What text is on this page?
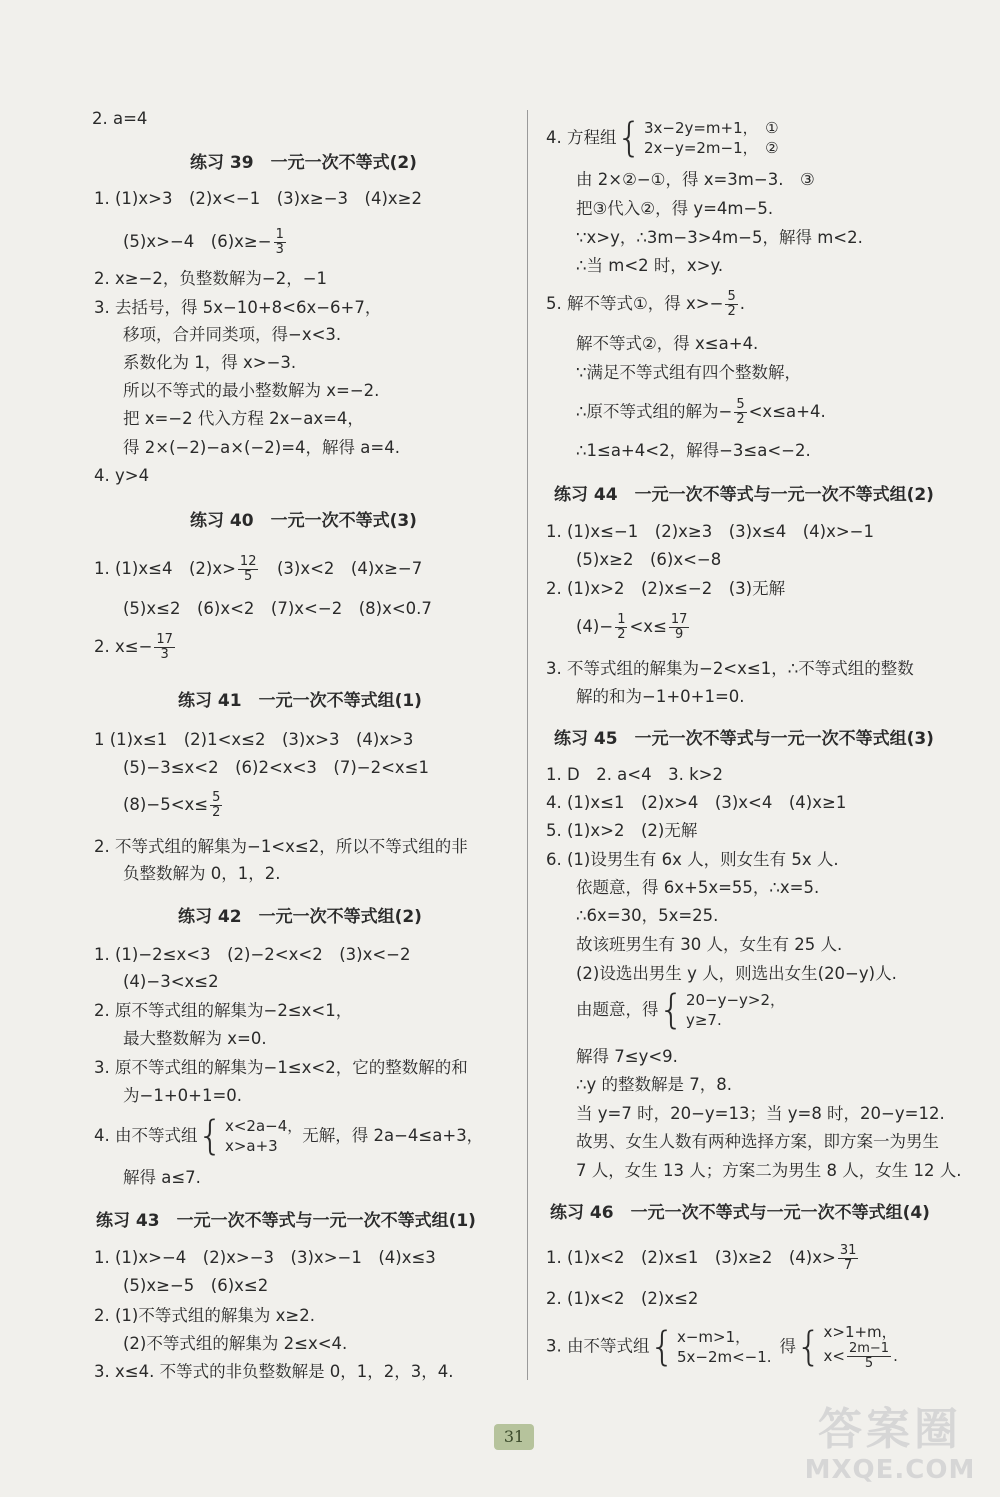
2. a=4
练习 39　一元一次不等式(2)
1. (1)x>3　(2)x<−1　(3)x≥−3　(4)x≥2
(5)x>−4　$(6)x\ge- \frac{1}{3}$
2. x≥−2，负整数解为−2，−1
3. 去括号，得 5x−10+8<6x−6+7，
移项，合并同类项，得−x<3.
系数化为 1，得 x>−3.
所以不等式的最小整数解为 x=−2.
把 x=−2 代入方程 2x−ax=4，
得 2×(−2)−a×(−2)=4，解得 a=4.
4. y>4
练习 40　一元一次不等式(3)
1. (1)x≤4　$(2)x> \frac{12}{5}$ 　(3)x<2　(4)x≥−7
(5)x≤2　(6)x<2　(7)x<−2　(8)x<0.7
2. $x\le- \frac{17}{3}$
练习 41　一元一次不等式组(1)
1 (1)x≤1　(2)1<x≤2　(3)x>3　(4)x>3
(5)−3≤x<2　(6)2<x<3　(7)−2<x≤1
$(8)-5<x\le \frac{5}{2}$
2. 不等式组的解集为−1<x≤2，所以不等式组的非
负整数解为 0，1，2.
练习 42　一元一次不等式组(2)
1. (1)−2≤x<3　(2)−2<x<2　(3)x<−2
(4)−3<x≤2
2. 原不等式组的解集为−2≤x<1，
最大整数解为 x=0.
3. 原不等式组的解集为−1≤x<2，它的整数解的和
为−1+0+1=0.
4. 由不等式组 { x<2a−4，
x>a+3
无解，得 2a−4≤a+3，
解得 a≤7.
练习 43　一元一次不等式与一元一次不等式组(1)
1. (1)x>−4　(2)x>−3　(3)x>−1　(4)x≤3
(5)x≥−5　(6)x≤2
2. (1)不等式组的解集为 x≥2.
(2)不等式组的解集为 2≤x<4.
3. x≤4. 不等式的非负整数解是 0，1，2，3，4.
4. 方程组 { 3x−2y=m+1，　①
2x−y=2m−1，　②
由 2×②−①，得 x=3m−3.　③
把③代入②，得 y=4m−5.
∵x>y，∴3m−3>4m−5，解得 m<2.
∴当 m<2 时，x>y.
5. 解不等式①，得 $x>- \frac{5}{2}$ .
解不等式②，得 x≤a+4.
∵满足不等式组有四个整数解，
∴原不等式组的解为− $\frac{5}{2} <x\le a+4$.
∴1≤a+4<2，解得−3≤a<−2.
练习 44　一元一次不等式与一元一次不等式组(2)
1. (1)x≤−1　(2)x≥3　(3)x≤4　(4)x>−1
(5)x≥2　(6)x<−8
2. (1)x>2　(2)x≤−2　(3)无解
$(4)- \frac{1}{2} <x\le \frac{17}{9}$
3. 不等式组的解集为−2<x≤1，∴不等式组的整数
解的和为−1+0+1=0.
练习 45　一元一次不等式与一元一次不等式组(3)
1. D　2. a<4　3. k>2
4. (1)x≤1　(2)x>4　(3)x<4　(4)x≥1
5. (1)x>2　(2)无解
6. (1)设男生有 6x 人，则女生有 5x 人.
依题意，得 6x+5x=55，∴x=5.
∴6x=30，5x=25.
故该班男生有 30 人，女生有 25 人.
(2)设选出男生 y 人，则选出女生(20−y)人.
由题意，得 { 20−y−y>2，
y≥7.
解得 7≤y<9.
∴y 的整数解是 7，8.
当 y=7 时，20−y=13；当 y=8 时，20−y=12.
故男、女生人数有两种选择方案，即方案一为男生
7 人，女生 13 人；方案二为男生 8 人，女生 12 人.
练习 46　一元一次不等式与一元一次不等式组(4)
1. (1)x<2　(2)x≤1　(3)x≥2　$(4)x> \frac{31}{7}$
2. (1)x<2　(2)x≤2
3. 由不等式组 { x−m>1，
5x−2m<−1.
得 { x>1+m，
$x< \frac{2m-1}{5}$ .
31	答案圈
MXQE.COM
